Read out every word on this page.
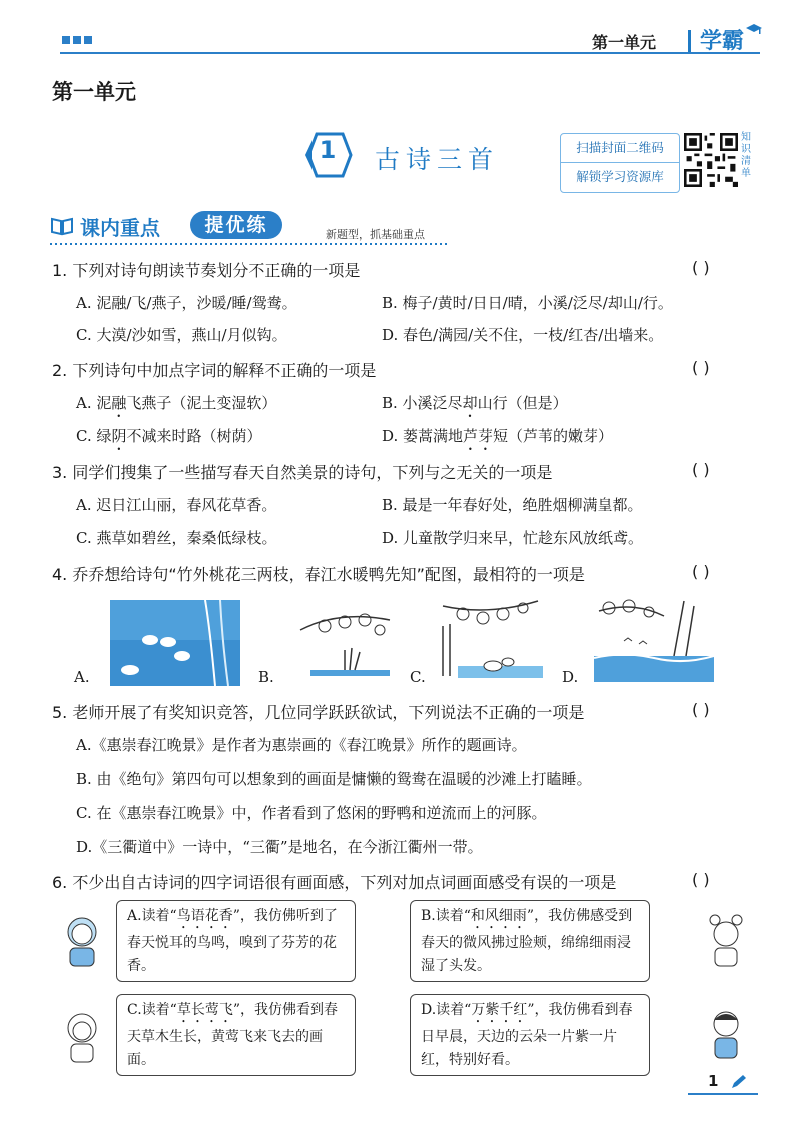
第一单元 学霸
第一单元
1	古诗三首	扫描封面二维码
解锁学习资源库
知识清单
课内重点	提优练	新题型，抓基础重点
1. 下列对诗句朗读节奏划分不正确的一项是	( )
A. 泥融/飞/燕子，沙暖/睡/鸳鸯。	B. 梅子/黄时/日日/晴，小溪/泛尽/却山/行。
C. 大漠/沙如雪，燕山/月似钩。	D. 春色/满园/关不住，一枝/红杏/出墙来。
2. 下列诗句中加点字词的解释不正确的一项是	( )
A. 泥融飞燕子（泥土变湿软）	B. 小溪泛尽却山行（但是）
C. 绿阴不减来时路（树荫）	D. 蒌蒿满地芦芽短（芦苇的嫩芽）
3. 同学们搜集了一些描写春天自然美景的诗句，下列与之无关的一项是	( )
A. 迟日江山丽，春风花草香。	B. 最是一年春好处，绝胜烟柳满皇都。
C. 燕草如碧丝，秦桑低绿枝。	D. 儿童散学归来早，忙趁东风放纸鸢。
4. 乔乔想给诗句“竹外桃花三两枝，春江水暖鸭先知”配图，最相符的一项是	( )
A.	B.	C.	D.
5. 老师开展了有奖知识竞答，几位同学跃跃欲试，下列说法不正确的一项是	( )
A.《惠崇春江晚景》是作者为惠崇画的《春江晚景》所作的题画诗。
B. 由《绝句》第四句可以想象到的画面是慵懒的鸳鸯在温暖的沙滩上打瞌睡。
C. 在《惠崇春江晚景》中，作者看到了悠闲的野鸭和逆流而上的河豚。
D.《三衢道中》一诗中，“三衢”是地名，在今浙江衢州一带。
6. 不少出自古诗词的四字词语很有画面感，下列对加点词画面感受有误的一项是	( )
A.读着“鸟语花香”，我仿佛听到了春天悦耳的鸟鸣，嗅到了芬芳的花香。
B.读着“和风细雨”，我仿佛感受到春天的微风拂过脸颊，绵绵细雨浸湿了头发。
C.读着“草长莺飞”，我仿佛看到春天草木生长，黄莺飞来飞去的画面。
D.读着“万紫千红”，我仿佛看到春日早晨，天边的云朵一片紫一片红，特别好看。
1
